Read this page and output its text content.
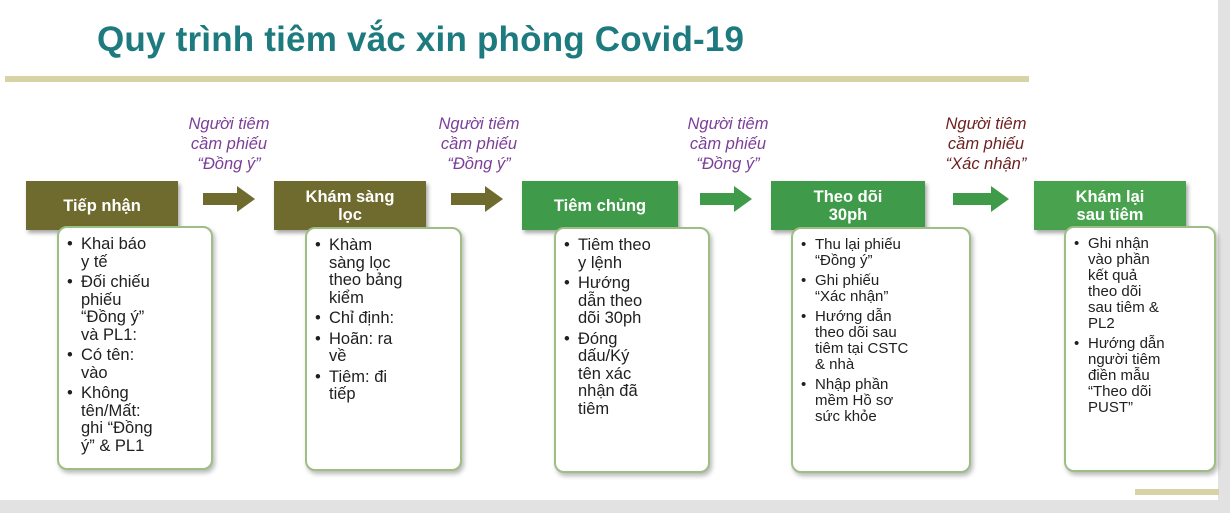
Quy trình tiêm vắc xin phòng Covid-19
Người tiêm
cầm phiếu
“Đồng ý”
Người tiêm
cầm phiếu
“Đồng ý”
Người tiêm
cầm phiếu
“Đồng ý”
Người tiêm
cầm phiếu
“Xác nhận”
Tiếp nhận	Khám sàng
lọc	Tiêm chủng	Theo dõi
30ph
Khám lại
sau tiêm
• Khai báo
y tế
• Đối chiếu
phiếu
“Đồng ý”
và PL1:
• Có tên:
vào
• Không
tên/Mất:
ghi “Đồng
ý” & PL1
• Khàm
sàng lọc
theo bảng
kiểm
• Chỉ định:
• Hoãn: ra
về
• Tiêm: đi
tiếp
• Tiêm theo
y lệnh
• Hướng
dẫn theo
dõi 30ph
• Đóng
dấu/Ký
tên xác
nhận đã
tiêm
• Thu lại phiếu
“Đồng ý”
• Ghi phiếu
“Xác nhận”
• Hướng dẫn
theo dõi sau
tiêm tại CSTC
& nhà
• Nhập phần
mềm Hồ sơ
sức khỏe
• Ghi nhận
vào phần
kết quả
theo dõi
sau tiêm &
PL2
• Hướng dẫn
người tiêm
điền mẫu
“Theo dõi
PUST”
